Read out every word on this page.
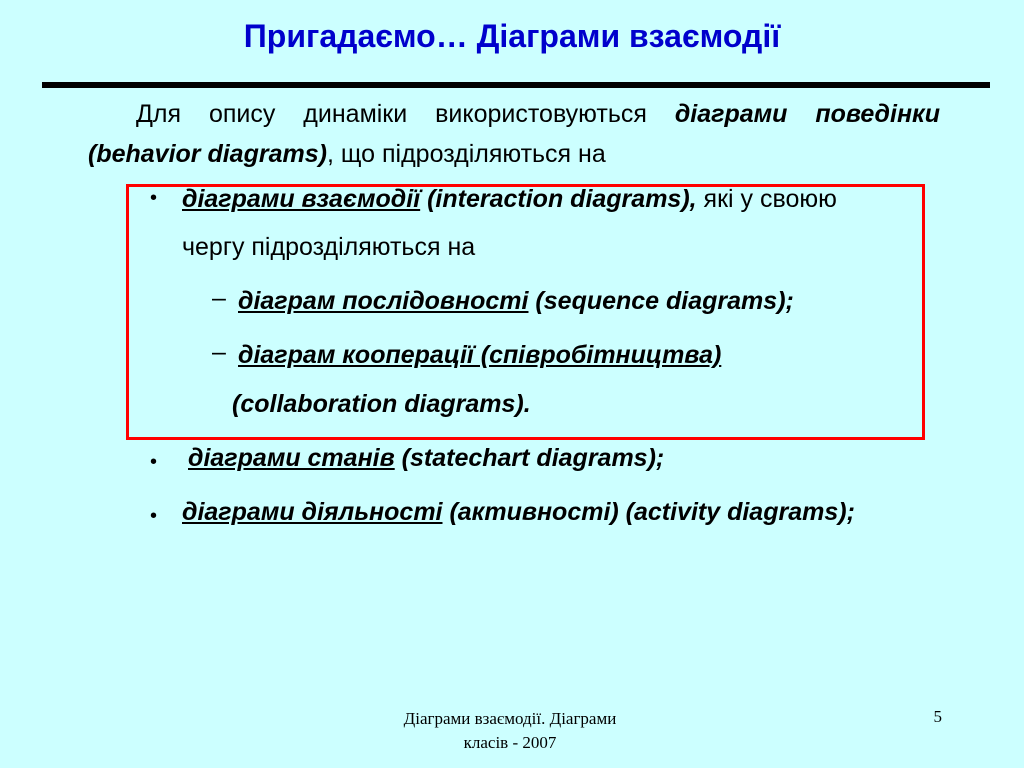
Пригадаємо… Діаграми взаємодії
Для опису динаміки використовуються діаграми поведінки (behavior diagrams), що підрозділяються на
• діаграми взаємодії (interaction diagrams), які у своюю чергу підрозділяються на
– діаграм послідовності (sequence diagrams);
– діаграм кооперації (співробітництва)
(collaboration diagrams).
• діаграми станів (statechart diagrams);
• діаграми діяльності (активності) (activity diagrams);
Діаграми взаємодії. Діаграми
класів - 2007
5
